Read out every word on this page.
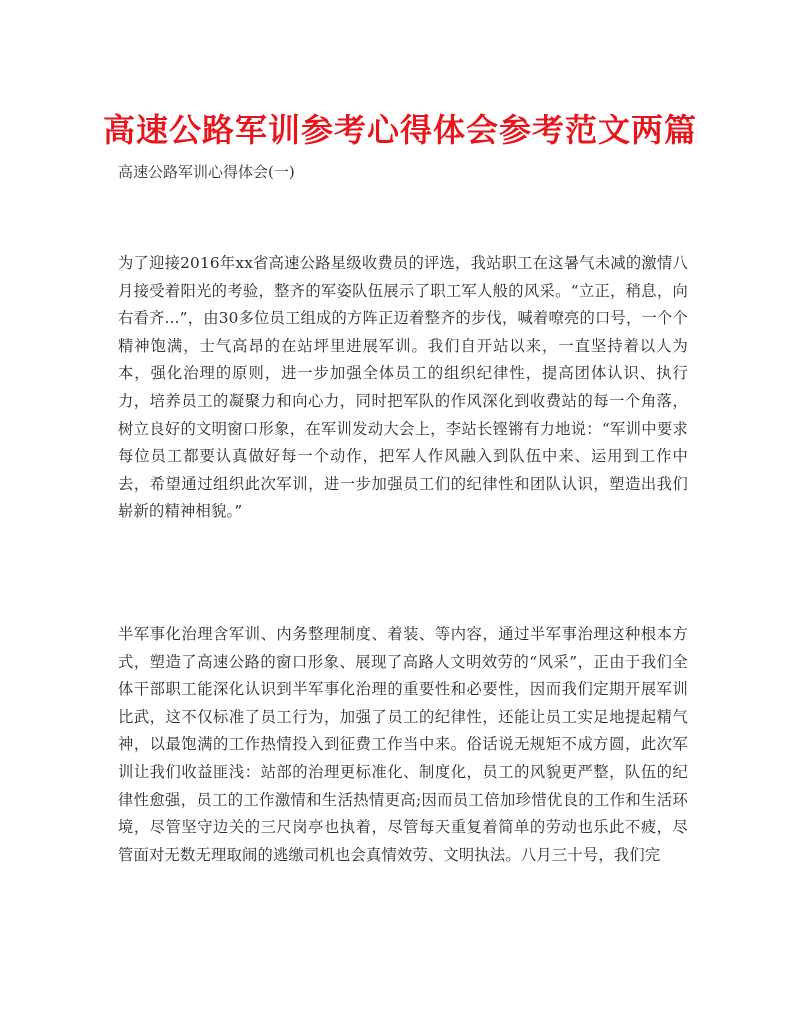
高速公路军训参考心得体会参考范文两篇
高速公路军训心得体会(一)

为了迎接2016年xx省高速公路星级收费员的评选，我站职工在这暑气未减的激情八月接受着阳光的考验，整齐的军姿队伍展示了职工军人般的风采。“立正，稍息，向右看齐...”，由30多位员工组成的方阵正迈着整齐的步伐，喊着嘹亮的口号，一个个精神饱满，士气高昂的在站坪里进展军训。我们自开站以来，一直坚持着以人为本，强化治理的原则，进一步加强全体员工的组织纪律性，提高团体认识、执行力，培养员工的凝聚力和向心力，同时把军队的作风深化到收费站的每一个角落，树立良好的文明窗口形象，在军训发动大会上，李站长铿锵有力地说：“军训中要求每位员工都要认真做好每一个动作，把军人作风融入到队伍中来、运用到工作中去，希望通过组织此次军训，进一步加强员工们的纪律性和团队认识，塑造出我们崭新的精神相貌。”

半军事化治理含军训、内务整理制度、着装、等内容，通过半军事治理这种根本方式，塑造了高速公路的窗口形象、展现了高路人文明效劳的“风采”，正由于我们全体干部职工能深化认识到半军事化治理的重要性和必要性，因而我们定期开展军训比武，这不仅标准了员工行为，加强了员工的纪律性，还能让员工实足地提起精气神，以最饱满的工作热情投入到征费工作当中来。俗话说无规矩不成方圆，此次军训让我们收益匪浅：站部的治理更标准化、制度化，员工的风貌更严整，队伍的纪律性愈强，员工的工作激情和生活热情更高;因而员工倍加珍惜优良的工作和生活环境，尽管坚守边关的三尺岗亭也执着，尽管每天重复着简单的劳动也乐此不疲，尽管面对无数无理取闹的逃缴司机也会真情效劳、文明执法。八月三十号，我们完
